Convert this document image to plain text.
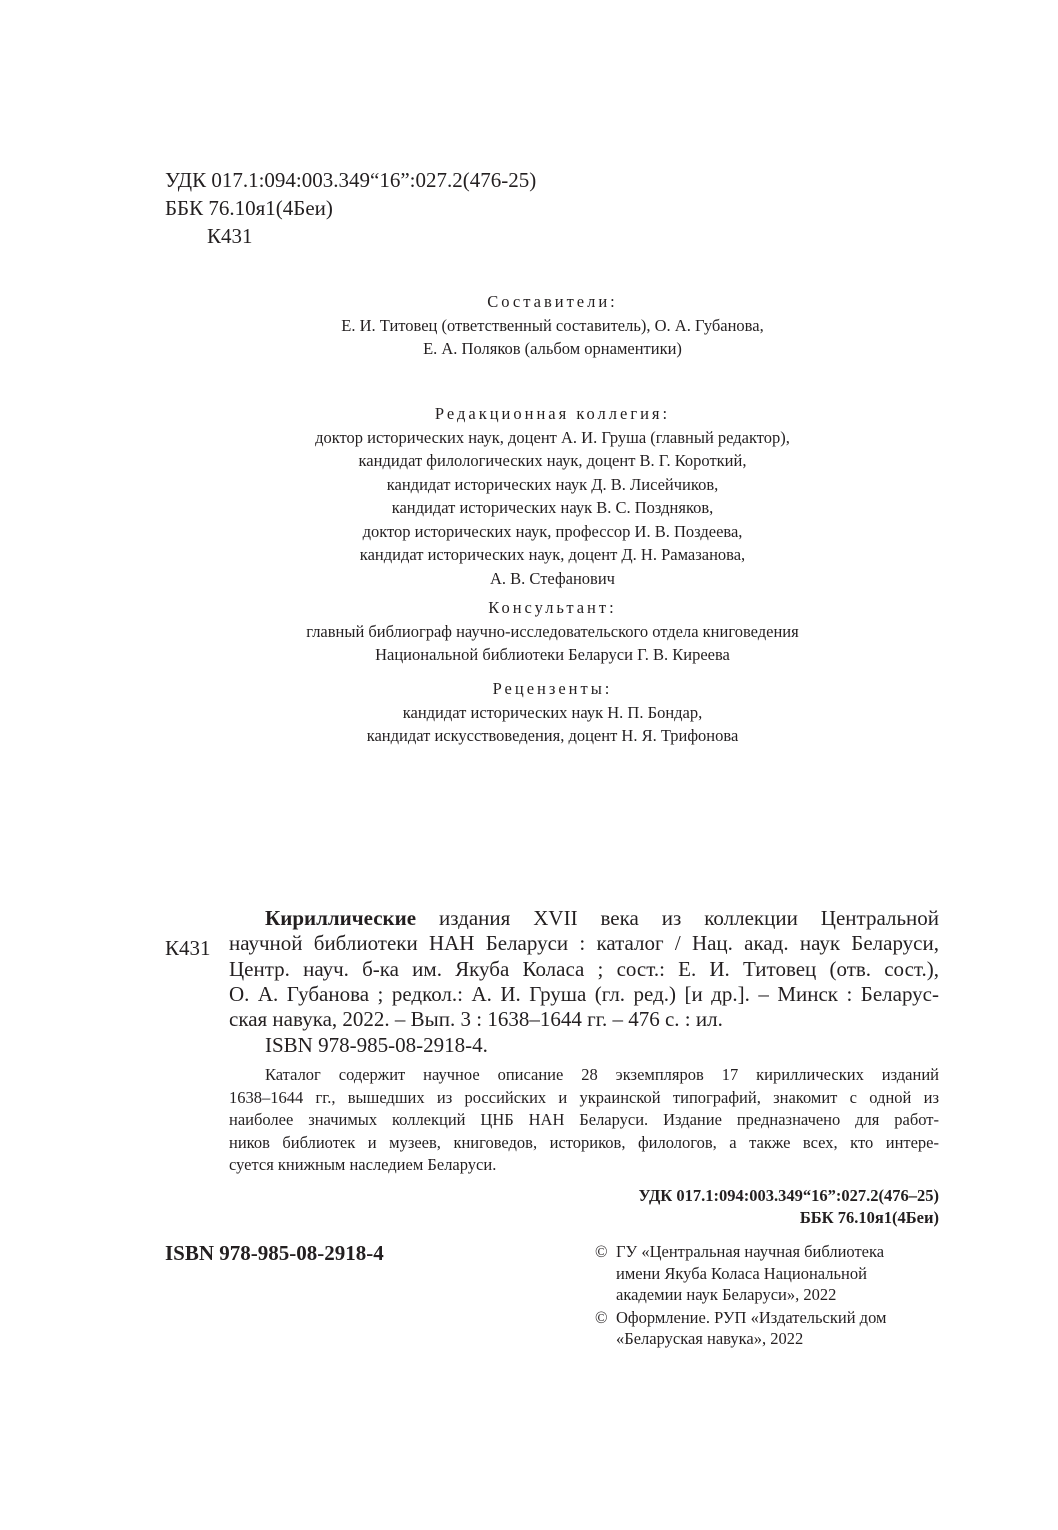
УДК 017.1:094:003.349“16”:027.2(476-25)
ББК 76.10я1(4Беи)
К431
Составители:
Е. И. Титовец (ответственный составитель), О. А. Губанова,
Е. А. Поляков (альбом орнаментики)
Редакционная коллегия:
доктор исторических наук, доцент А. И. Груша (главный редактор),
кандидат филологических наук, доцент В. Г. Короткий,
кандидат исторических наук Д. В. Лисейчиков,
кандидат исторических наук В. С. Поздняков,
доктор исторических наук, профессор И. В. Поздеева,
кандидат исторических наук, доцент Д. Н. Рамазанова,
А. В. Стефанович
Консультант:
главный библиограф научно-исследовательского отдела книговедения
Национальной библиотеки Беларуси Г. В. Киреева
Рецензенты:
кандидат исторических наук Н. П. Бондар,
кандидат искусствоведения, доцент Н. Я. Трифонова
К431
Кириллические издания XVII века из коллекции Центральной
научной библиотеки НАН Беларуси : каталог / Нац. акад. наук Беларуси,
Центр. науч. б-ка им. Якуба Коласа ; сост.: Е. И. Титовец (отв. сост.),
О. А. Губанова ; редкол.: А. И. Груша (гл. ред.) [и др.]. – Минск : Беларус-
ская навука, 2022. – Вып. 3 : 1638–1644 гг. – 476 с. : ил.
ISBN 978-985-08-2918-4.
Каталог содержит научное описание 28 экземпляров 17 кириллических изданий
1638–1644 гг., вышедших из российских и украинской типографий, знакомит с одной из
наиболее значимых коллекций ЦНБ НАН Беларуси. Издание предназначено для работ-
ников библиотек и музеев, книговедов, историков, филологов, а также всех, кто интере-
суется книжным наследием Беларуси.
УДК 017.1:094:003.349“16”:027.2(476–25)
ББК 76.10я1(4Беи)
ISBN 978-985-08-2918-4	© ГУ «Центральная научная библиотека
имени Якуба Коласа Национальной
академии наук Беларуси», 2022
© Оформление. РУП «Издательский дом
«Беларуская навука», 2022
